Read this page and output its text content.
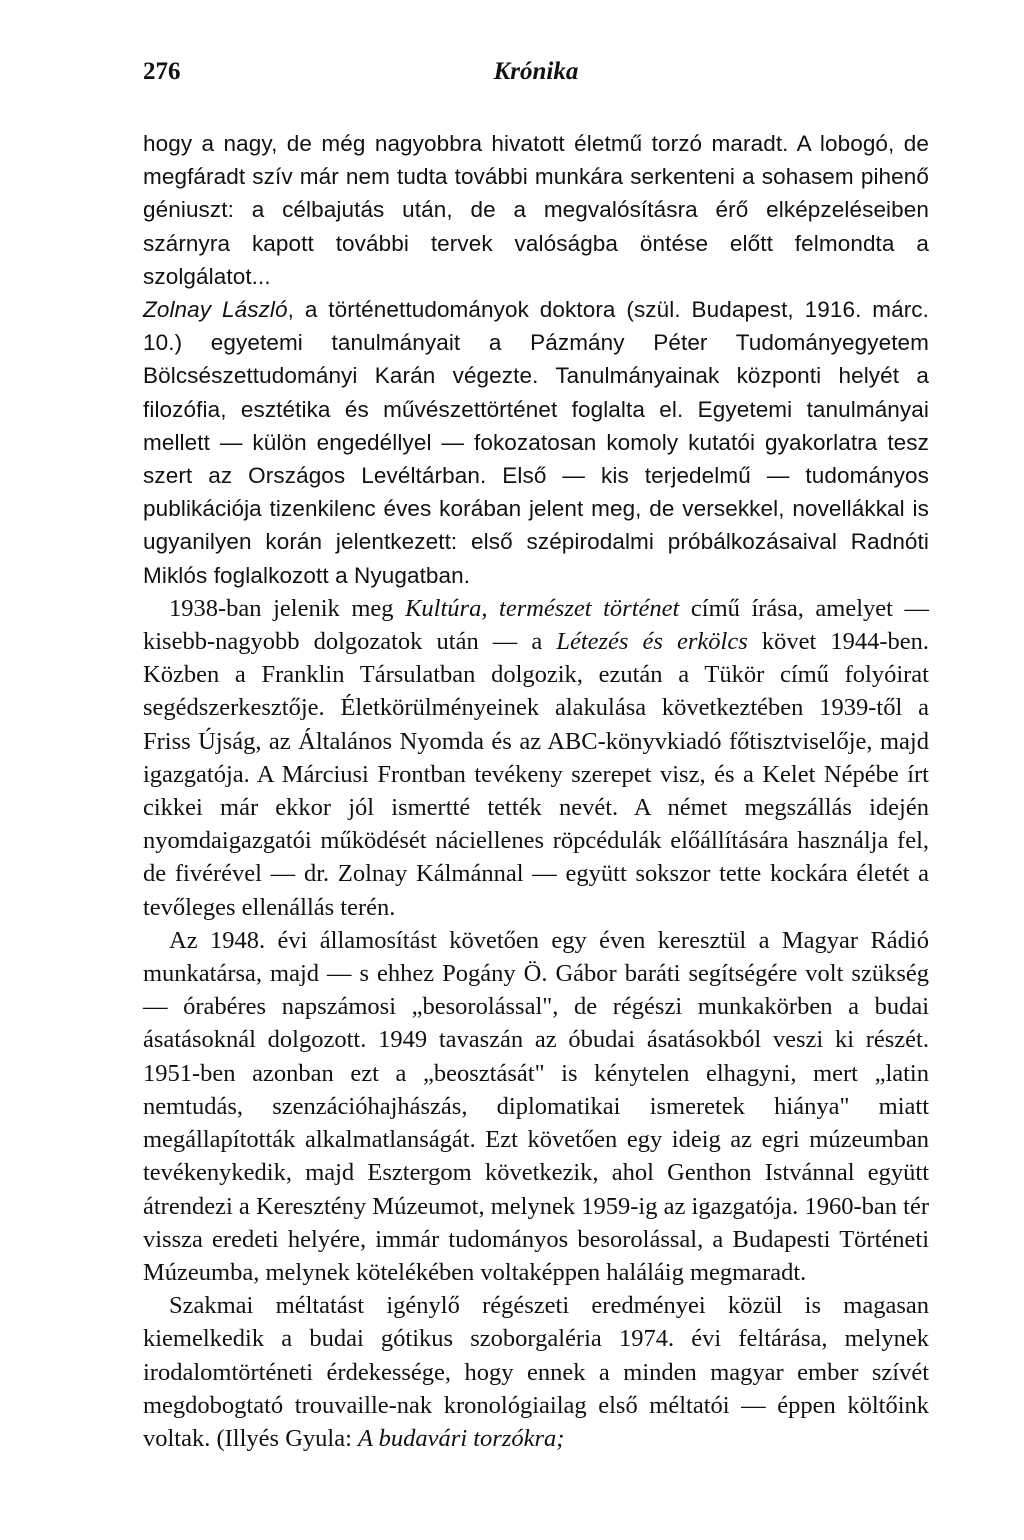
276	Krónika

hogy a nagy, de még nagyobbra hivatott életmű torzó maradt. A lobogó, de megfáradt szív már nem tudta további munkára serkenteni a sohasem pihenő géniuszt: a célbajutás után, de a megvalósításra érő elképzeléseiben szárnyra kapott további tervek valóságba öntése előtt felmondta a szolgálatot...

Zolnay László, a történettudományok doktora (szül. Budapest, 1916. márc. 10.) egyetemi tanulmányait a Pázmány Péter Tudományegyetem Bölcsészettudományi Karán végezte. Tanulmányainak központi helyét a filozófia, esztétika és művészettörténet foglalta el. Egyetemi tanulmányai mellett — külön engedéllyel — fokozatosan komoly kutatói gyakorlatra tesz szert az Országos Levéltárban. Első — kis terjedelmű — tudományos publikációja tizenkilenc éves korában jelent meg, de versekkel, novellákkal is ugyanilyen korán jelentkezett: első szépirodalmi próbálkozásaival Radnóti Miklós foglalkozott a Nyugatban.

1938-ban jelenik meg Kultúra, természet történet című írása, amelyet — kisebb-nagyobb dolgozatok után — a Létezés és erkölcs követ 1944-ben. Közben a Franklin Társulatban dolgozik, ezután a Tükör című folyóirat segédszerkesztője. Életkörülményeinek alakulása következtében 1939-től a Friss Újság, az Általános Nyomda és az ABC-könyvkiadó főtisztviselője, majd igazgatója. A Márciusi Frontban tevékeny szerepet visz, és a Kelet Népébe írt cikkei már ekkor jól ismertté tették nevét. A német megszállás idején nyomdaigazgatói működését náciellenes röpcédulák előállítására használja fel, de fivérével — dr. Zolnay Kálmánnal — együtt sokszor tette kockára életét a tevőleges ellenállás terén.

Az 1948. évi államosítást követően egy éven keresztül a Magyar Rádió munkatársa, majd — s ehhez Pogány Ö. Gábor baráti segítségére volt szükség — órabéres napszámosi „besorolással", de régészi munkakörben a budai ásatásoknál dolgozott. 1949 tavaszán az óbudai ásatásokból veszi ki részét. 1951-ben azonban ezt a „beosztását" is kénytelen elhagyni, mert „latin nemtudás, szenzációhajhászás, diplomatikai ismeretek hiánya" miatt megállapították alkalmatlanságát. Ezt követően egy ideig az egri múzeumban tevékenykedik, majd Esztergom következik, ahol Genthon Istvánnal együtt átrendezi a Keresztény Múzeumot, melynek 1959-ig az igazgatója. 1960-ban tér vissza eredeti helyére, immár tudományos besorolással, a Budapesti Történeti Múzeumba, melynek kötelékében voltaképpen haláláig megmaradt.

Szakmai méltatást igénylő régészeti eredményei közül is magasan kiemelkedik a budai gótikus szoborgaléria 1974. évi feltárása, melynek irodalomtörténeti érdekessége, hogy ennek a minden magyar ember szívét megdobogtató trouvaille-nak kronológiailag első méltatói — éppen költőink voltak. (Illyés Gyula: A budavári torzókra;
